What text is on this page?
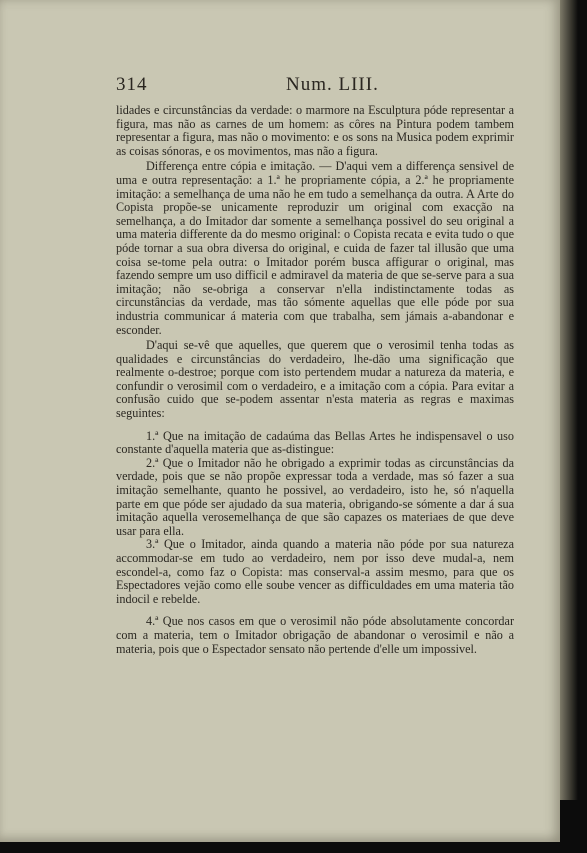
314	Num. LIII.

lidades e circunstâncias da verdade: o marmore na Esculptura póde representar a figura, mas não as carnes de um homem: as côres na Pintura podem tambem representar a figura, mas não o movimento: e os sons na Musica podem exprimir as coisas sónoras, e os movimentos, mas não a figura.

Differença entre cópia e imitação. — D'aqui vem a differença sensivel de uma e outra representação: a 1.ª he propriamente cópia, a 2.ª he propriamente imitação: a semelhança de uma não he em tudo a semelhança da outra. A Arte do Copista propõe-se unicamente reproduzir um original com exacção na semelhança, a do Imitador dar somente a semelhança possivel do seu original a uma materia differente da do mesmo original: o Copista recata e evita tudo o que póde tornar a sua obra diversa do original, e cuida de fazer tal illusão que uma coisa se-tome pela outra: o Imitador porém busca affigurar o original, mas fazendo sempre um uso difficil e admiravel da materia de que se-serve para a sua imitação; não se-obriga a conservar n'ella indistinctamente todas as circunstâncias da verdade, mas tão sómente aquellas que elle póde por sua industria communicar á materia com que trabalha, sem jámais a-abandonar e esconder.

D'aqui se-vê que aquelles, que querem que o verosimil tenha todas as qualidades e circunstâncias do verdadeiro, lhe-dão uma significação que realmente o-destroe; porque com isto pertendem mudar a natureza da materia, e confundir o verosimil com o verdadeiro, e a imitação com a cópia. Para evitar a confusão cuido que se-podem assentar n'esta materia as regras e maximas seguintes:

1.ª Que na imitação de cadaúma das Bellas Artes he indispensavel o uso constante d'aquella materia que as-distingue:

2.ª Que o Imitador não he obrigado a exprimir todas as circunstâncias da verdade, pois que se não propõe expressar toda a verdade, mas só fazer a sua imitação semelhante, quanto he possivel, ao verdadeiro, isto he, só n'aquella parte em que póde ser ajudado da sua materia, obrigando-se sómente a dar á sua imitação aquella verosemelhança de que são capazes os materiaes de que deve usar para ella.

3.ª Que o Imitador, ainda quando a materia não póde por sua natureza accommodar-se em tudo ao verdadeiro, nem por isso deve mudal-a, nem escondel-a, como faz o Copista: mas conserval-a assim mesmo, para que os Espectadores vejão como elle soube vencer as difficuldades em uma materia tão indocil e rebelde.

4.ª Que nos casos em que o verosimil não póde absolutamente concordar com a materia, tem o Imitador obrigação de abandonar o verosimil e não a materia, pois que o Espectador sensato não pertende d'elle um impossivel.
